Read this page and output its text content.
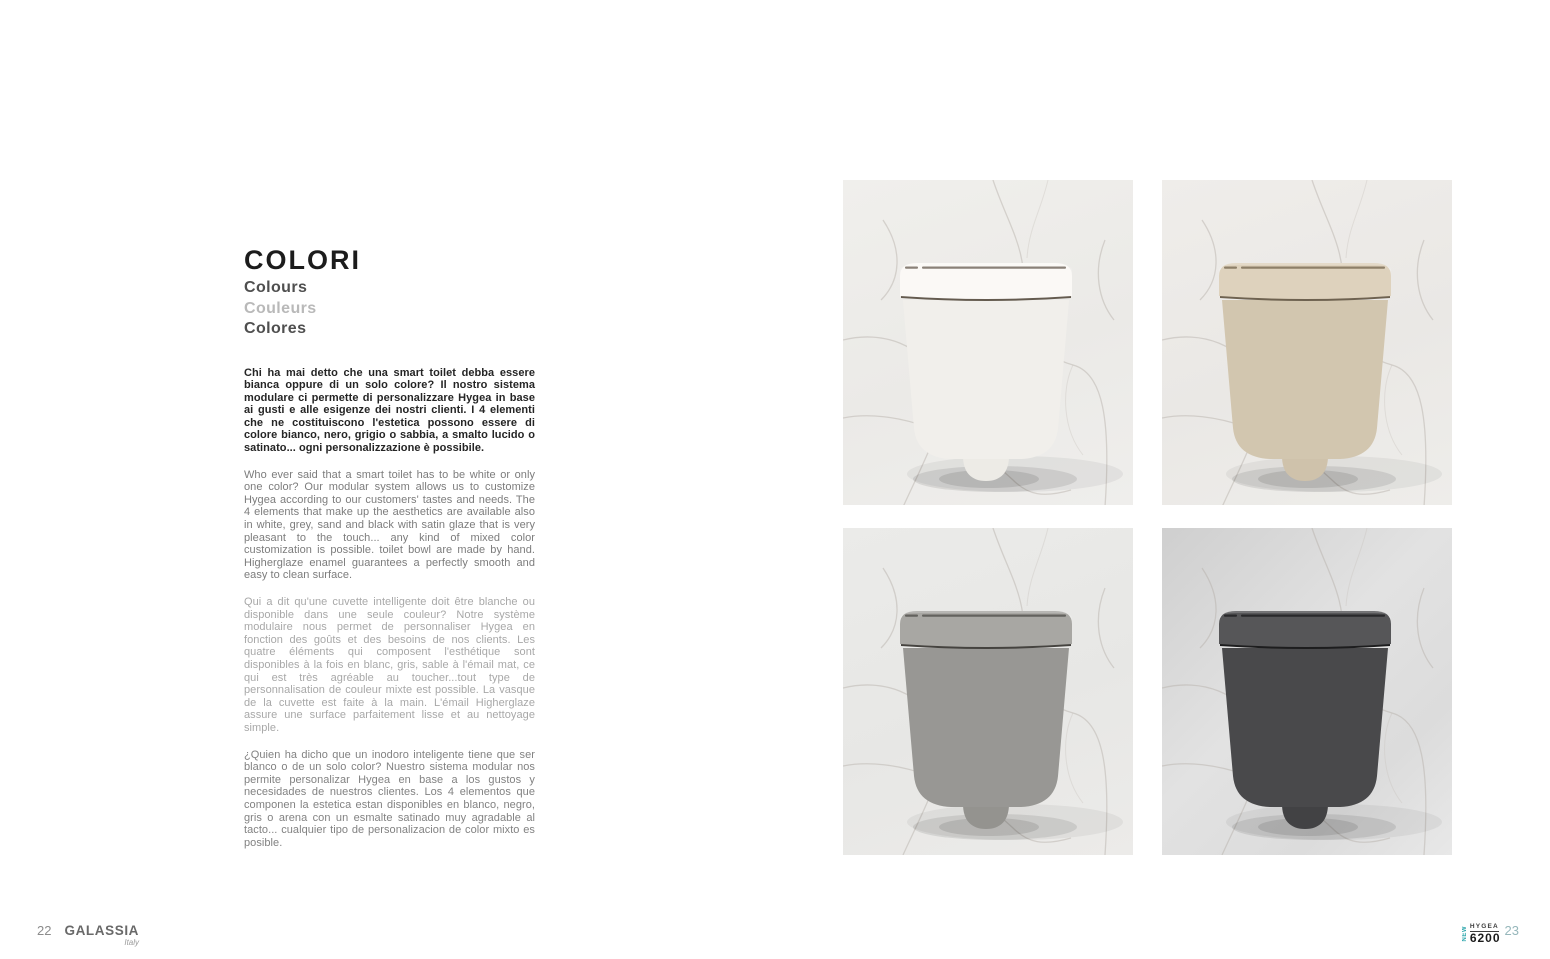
COLORI
Colours
Couleurs
Colores

Chi ha mai detto che una smart toilet debba essere bianca oppure di un solo colore? Il nostro sistema modulare ci permette di personalizzare Hygea in base ai gusti e alle esigenze dei nostri clienti. I 4 elementi che ne costituiscono l'estetica possono essere di colore bianco, nero, grigio o sabbia, a smalto lucido o satinato... ogni personalizzazione è possibile.

Who ever said that a smart toilet has to be white or only one color? Our modular system allows us to customize Hygea according to our customers' tastes and needs. The 4 elements that make up the aesthetics are available also in white, grey, sand and black with satin glaze that is very pleasant to the touch... any kind of mixed color customization is possible. toilet bowl are made by hand. Higherglaze enamel guarantees a perfectly smooth and easy to clean surface.

Qui a dit qu'une cuvette intelligente doit être blanche ou disponible dans une seule couleur? Notre système modulaire nous permet de personnaliser Hygea en fonction des goûts et des besoins de nos clients. Les quatre éléments qui composent l'esthétique sont disponibles à la fois en blanc, gris, sable à l'émail mat, ce qui est très agréable au toucher...tout type de personnalisation de couleur mixte est possible. La vasque de la cuvette est faite à la main. L'émail Higherglaze assure une surface parfaitement lisse et au nettoyage simple.

¿Quien ha dicho que un inodoro inteligente tiene que ser blanco o de un solo color? Nuestro sistema modular nos permite personalizar Hygea en base a los gustos y necesidades de nuestros clientes. Los 4 elementos que componen la estetica estan disponibles en blanco, negro, gris o arena con un esmalte satinado muy agradable al tacto... cualquier tipo de personalizacion de color mixto es posible.

22 GALASSIA
Italy
NEW HYGEA
6200 23
